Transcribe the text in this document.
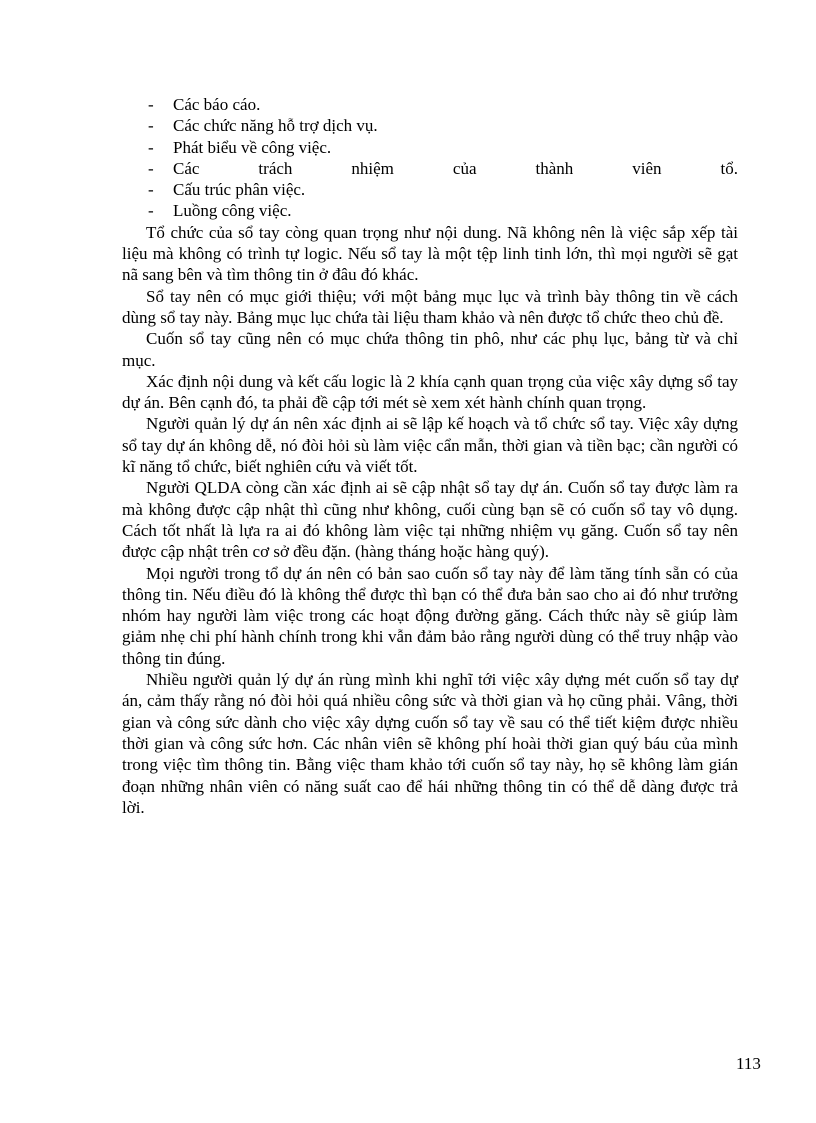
- Các báo cáo.
- Các chức năng hỗ trợ dịch vụ.
- Phát biểu về công việc.
- Các trách nhiệm của thành viên tổ.
- Cấu trúc phân việc.
- Luồng công việc.

Tổ chức của sổ tay còng quan trọng như nội dung. Nã không nên là việc sắp xếp tài liệu mà không có trình tự logic. Nếu sổ tay là một tệp linh tinh lớn, thì mọi người sẽ gạt nã sang bên và tìm thông tin ở đâu đó khác.

Sổ tay nên có mục giới thiệu; với một bảng mục lục và trình bày thông tin về cách dùng sổ tay này. Bảng mục lục chứa tài liệu tham khảo và nên được tổ chức theo chủ đề.

Cuốn sổ tay cũng nên có mục chứa thông tin phô, như các phụ lục, bảng từ và chỉ mục.

Xác định nội dung và kết cấu logic là 2 khía cạnh quan trọng của việc xây dựng sổ tay dự án. Bên cạnh đó, ta phải đề cập tới mét sè xem xét hành chính quan trọng.

Người quản lý dự án nên xác định ai sẽ lập kế hoạch và tổ chức sổ tay. Việc xây dựng sổ tay dự án không dễ, nó đòi hỏi sù làm việc cẩn mẫn, thời gian và tiền bạc; cần người có kĩ năng tổ chức, biết nghiên cứu và viết tốt.

Người QLDA còng cần xác định ai sẽ cập nhật sổ tay dự án. Cuốn sổ tay được làm ra mà không được cập nhật thì cũng như không, cuối cùng bạn sẽ có cuốn sổ tay vô dụng. Cách tốt nhất là lựa ra ai đó không làm việc tại những nhiệm vụ găng. Cuốn sổ tay nên được cập nhật trên cơ sở đều đặn. (hàng tháng hoặc hàng quý).

Mọi người trong tổ dự án nên có bản sao cuốn sổ tay này để làm tăng tính sẵn có của thông tin. Nếu điều đó là không thể được thì bạn có thể đưa bản sao cho ai đó như trưởng nhóm hay người làm việc trong các hoạt động đường găng. Cách thức này sẽ giúp làm giảm nhẹ chi phí hành chính trong khi vẫn đảm bảo rằng người dùng có thể truy nhập vào thông tin đúng.

Nhiều người quản lý dự án rùng mình khi nghĩ tới việc xây dựng mét cuốn sổ tay dự án, cảm thấy rằng nó đòi hỏi quá nhiều công sức và thời gian và họ cũng phải. Vâng, thời gian và công sức dành cho việc xây dựng cuốn sổ tay về sau có thể tiết kiệm được nhiều thời gian và công sức hơn. Các nhân viên sẽ không phí hoài thời gian quý báu của mình trong việc tìm thông tin. Bằng việc tham khảo tới cuốn sổ tay này, họ sẽ không làm gián đoạn những nhân viên có năng suất cao để hái những thông tin có thể dễ dàng được trả lời.

113
